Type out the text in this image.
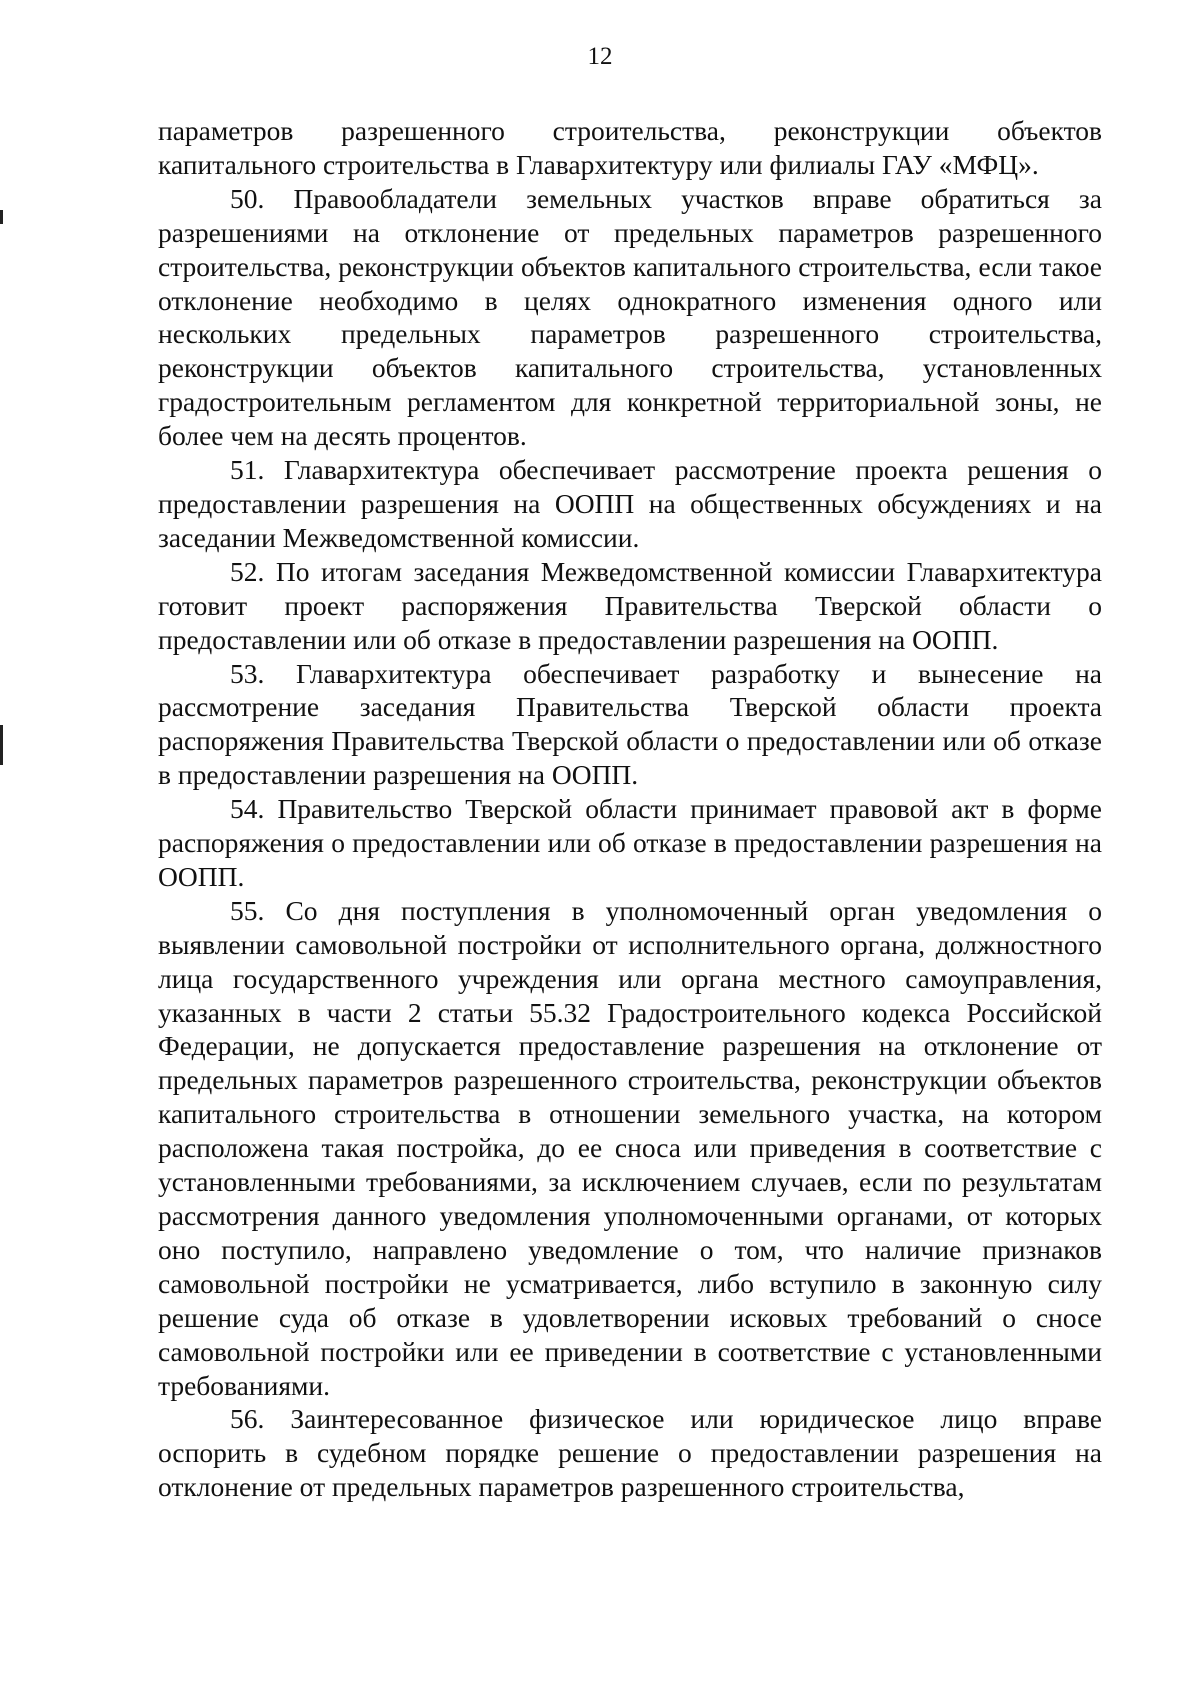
12

параметров разрешенного строительства, реконструкции объектов капитального строительства в Главархитектуру или филиалы ГАУ «МФЦ».

50. Правообладатели земельных участков вправе обратиться за разрешениями на отклонение от предельных параметров разрешенного строительства, реконструкции объектов капитального строительства, если такое отклонение необходимо в целях однократного изменения одного или нескольких предельных параметров разрешенного строительства, реконструкции объектов капитального строительства, установленных градостроительным регламентом для конкретной территориальной зоны, не более чем на десять процентов.

51. Главархитектура обеспечивает рассмотрение проекта решения о предоставлении разрешения на ООПП на общественных обсуждениях и на заседании Межведомственной комиссии.

52. По итогам заседания Межведомственной комиссии Главархитектура готовит проект распоряжения Правительства Тверской области о предоставлении или об отказе в предоставлении разрешения на ООПП.

53. Главархитектура обеспечивает разработку и вынесение на рассмотрение заседания Правительства Тверской области проекта распоряжения Правительства Тверской области о предоставлении или об отказе в предоставлении разрешения на ООПП.

54. Правительство Тверской области принимает правовой акт в форме распоряжения о предоставлении или об отказе в предоставлении разрешения на ООПП.

55. Со дня поступления в уполномоченный орган уведомления о выявлении самовольной постройки от исполнительного органа, должностного лица государственного учреждения или органа местного самоуправления, указанных в части 2 статьи 55.32 Градостроительного кодекса Российской Федерации, не допускается предоставление разрешения на отклонение от предельных параметров разрешенного строительства, реконструкции объектов капитального строительства в отношении земельного участка, на котором расположена такая постройка, до ее сноса или приведения в соответствие с установленными требованиями, за исключением случаев, если по результатам рассмотрения данного уведомления уполномоченными органами, от которых оно поступило, направлено уведомление о том, что наличие признаков самовольной постройки не усматривается, либо вступило в законную силу решение суда об отказе в удовлетворении исковых требований о сносе самовольной постройки или ее приведении в соответствие с установленными требованиями.

56. Заинтересованное физическое или юридическое лицо вправе оспорить в судебном порядке решение о предоставлении разрешения на отклонение от предельных параметров разрешенного строительства,
